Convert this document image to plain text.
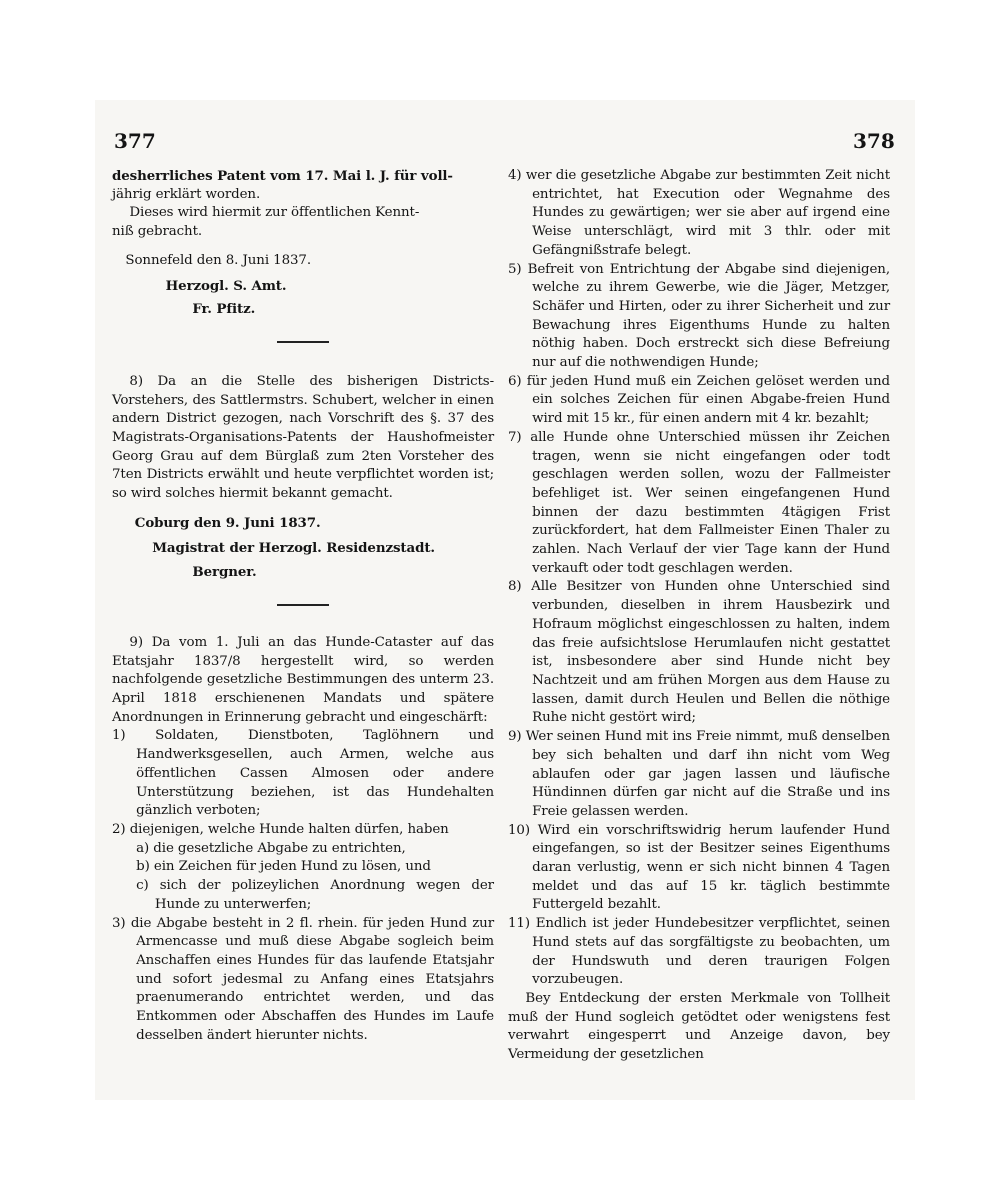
377	378

desherrliches Patent vom 17. Mai l. J. für voll-

jährig erklärt worden.

Dieses wird hiermit zur öffentlichen Kennt-

niß gebracht.

Sonnefeld den 8. Juni 1837.

Herzogl. S. Amt.

Fr. Pfitz.

8) Da an die Stelle des bisherigen Districts-Vorstehers, des Sattlermstrs. Schubert, welcher in einen andern District gezogen, nach Vorschrift des §. 37 des Magistrats-Organisations-Patents der Haushofmeister Georg Grau auf dem Bürglaß zum 2ten Vorsteher des 7ten Districts erwählt und heute verpflichtet worden ist; so wird solches hiermit bekannt gemacht.

Coburg den 9. Juni 1837.

Magistrat der Herzogl. Residenzstadt.

Bergner.

9) Da vom 1. Juli an das Hunde-Cataster auf das Etatsjahr 1837/8 hergestellt wird, so werden nachfolgende gesetzliche Bestimmungen des unterm 23. April 1818 erschienenen Mandats und spätere Anordnungen in Erinnerung gebracht und eingeschärft:

1) Soldaten, Dienstboten, Taglöhnern und Handwerksgesellen, auch Armen, welche aus öffentlichen Cassen Almosen oder andere Unterstützung beziehen, ist das Hundehalten gänzlich verboten;

2) diejenigen, welche Hunde halten dürfen, haben

a) die gesetzliche Abgabe zu entrichten,

b) ein Zeichen für jeden Hund zu lösen, und

c) sich der polizeylichen Anordnung wegen der Hunde zu unterwerfen;

3) die Abgabe besteht in 2 fl. rhein. für jeden Hund zur Armencasse und muß diese Abgabe sogleich beim Anschaffen eines Hundes für das laufende Etatsjahr und sofort jedesmal zu Anfang eines Etatsjahrs praenumerando entrichtet werden, und das Entkommen oder Abschaffen des Hundes im Laufe desselben ändert hierunter nichts.

4) wer die gesetzliche Abgabe zur bestimmten Zeit nicht entrichtet, hat Execution oder Wegnahme des Hundes zu gewärtigen; wer sie aber auf irgend eine Weise unterschlägt, wird mit 3 thlr. oder mit Gefängnißstrafe belegt.

5) Befreit von Entrichtung der Abgabe sind diejenigen, welche zu ihrem Gewerbe, wie die Jäger, Metzger, Schäfer und Hirten, oder zu ihrer Sicherheit und zur Bewachung ihres Eigenthums Hunde zu halten nöthig haben. Doch erstreckt sich diese Befreiung nur auf die nothwendigen Hunde;

6) für jeden Hund muß ein Zeichen gelöset werden und ein solches Zeichen für einen Abgabe-freien Hund wird mit 15 kr., für einen andern mit 4 kr. bezahlt;

7) alle Hunde ohne Unterschied müssen ihr Zeichen tragen, wenn sie nicht eingefangen oder todt geschlagen werden sollen, wozu der Fallmeister befehliget ist. Wer seinen eingefangenen Hund binnen der dazu bestimmten 4tägigen Frist zurückfordert, hat dem Fallmeister Einen Thaler zu zahlen. Nach Verlauf der vier Tage kann der Hund verkauft oder todt geschlagen werden.

8) Alle Besitzer von Hunden ohne Unterschied sind verbunden, dieselben in ihrem Hausbezirk und Hofraum möglichst eingeschlossen zu halten, indem das freie aufsichtslose Herumlaufen nicht gestattet ist, insbesondere aber sind Hunde nicht bey Nachtzeit und am frühen Morgen aus dem Hause zu lassen, damit durch Heulen und Bellen die nöthige Ruhe nicht gestört wird;

9) Wer seinen Hund mit ins Freie nimmt, muß denselben bey sich behalten und darf ihn nicht vom Weg ablaufen oder gar jagen lassen und läufische Hündinnen dürfen gar nicht auf die Straße und ins Freie gelassen werden.

10) Wird ein vorschriftswidrig herum laufender Hund eingefangen, so ist der Besitzer seines Eigenthums daran verlustig, wenn er sich nicht binnen 4 Tagen meldet und das auf 15 kr. täglich bestimmte Futtergeld bezahlt.

11) Endlich ist jeder Hundebesitzer verpflichtet, seinen Hund stets auf das sorgfältigste zu beobachten, um der Hundswuth und deren traurigen Folgen vorzubeugen.

Bey Entdeckung der ersten Merkmale von Tollheit muß der Hund sogleich getödtet oder wenigstens fest verwahrt eingesperrt und Anzeige davon, bey Vermeidung der gesetzlichen
